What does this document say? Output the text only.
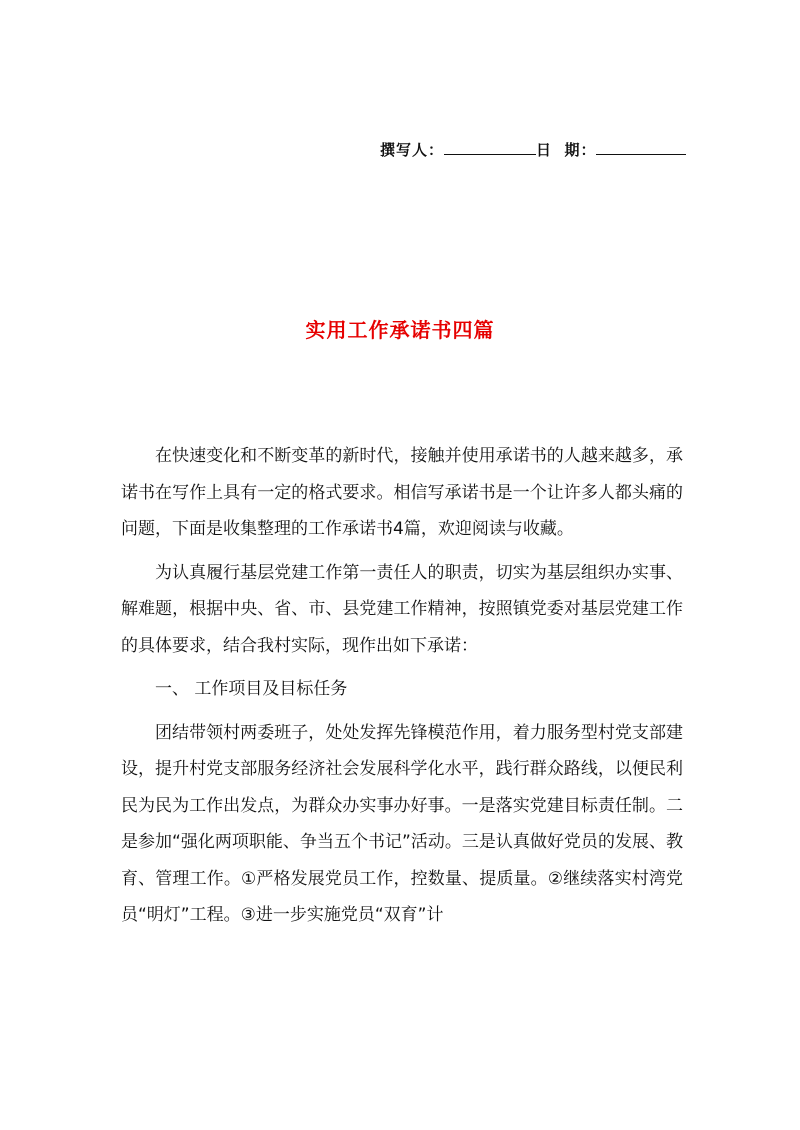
撰写人：	日  期：
实用工作承诺书四篇

在快速变化和不断变革的新时代，接触并使用承诺书的人越来越多，承诺书在写作上具有一定的格式要求。相信写承诺书是一个让许多人都头痛的问题，下面是收集整理的工作承诺书4篇，欢迎阅读与收藏。

为认真履行基层党建工作第一责任人的职责，切实为基层组织办实事、解难题，根据中央、省、市、县党建工作精神，按照镇党委对基层党建工作的具体要求，结合我村实际，现作出如下承诺：

一、 工作项目及目标任务

团结带领村两委班子，处处发挥先锋模范作用，着力服务型村党支部建设，提升村党支部服务经济社会发展科学化水平，践行群众路线，以便民利民为民为工作出发点，为群众办实事办好事。一是落实党建目标责任制。二是参加“强化两项职能、争当五个书记”活动。三是认真做好党员的发展、教育、管理工作。①严格发展党员工作，控数量、提质量。②继续落实村湾党员“明灯”工程。③进一步实施党员“双育”计
